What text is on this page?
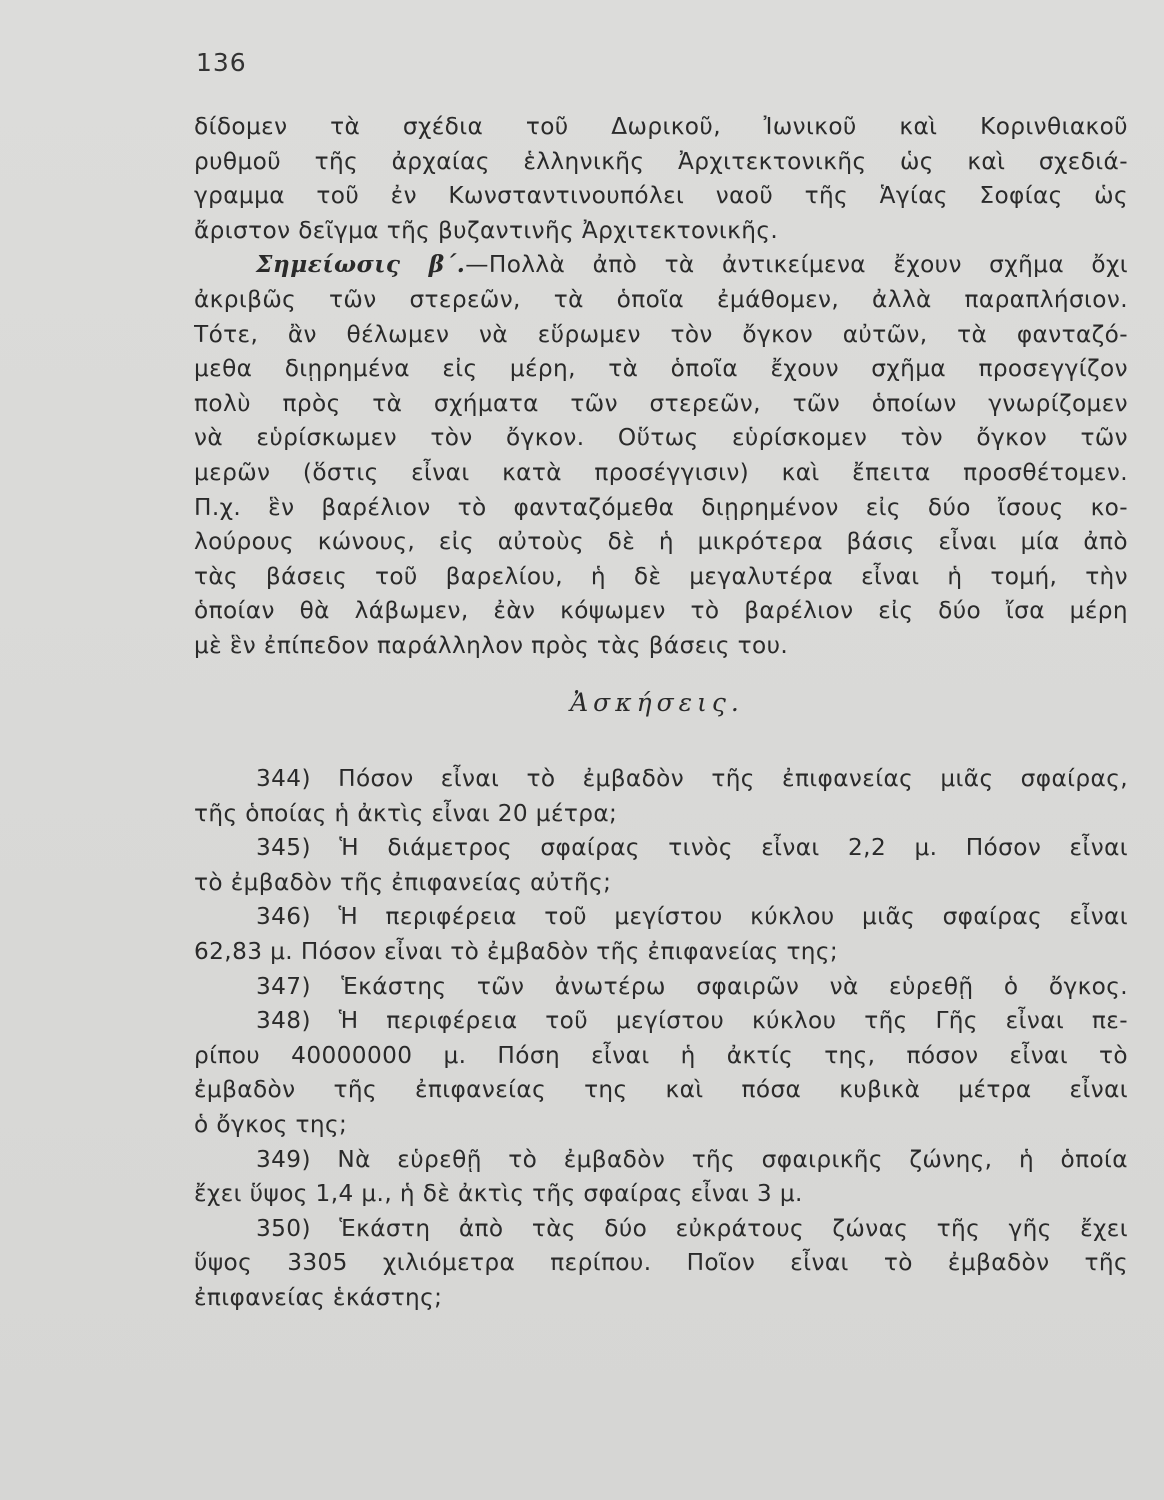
136
δίδομεν τὰ σχέδια τοῦ Δωρικοῦ, Ἰωνικοῦ καὶ Κορινθιακοῦ
ρυθμοῦ τῆς ἀρχαίας ἑλληνικῆς Ἀρχιτεκτονικῆς ὡς καὶ σχεδιά-
γραμμα τοῦ ἐν Κωνσταντινουπόλει ναοῦ τῆς Ἁγίας Σοφίας ὡς
ἄριστον δεῖγμα τῆς βυζαντινῆς Ἀρχιτεκτονικῆς.
Σημείωσις β΄.—Πολλὰ ἀπὸ τὰ ἀντικείμενα ἔχουν σχῆμα ὄχι
ἀκριβῶς τῶν στερεῶν, τὰ ὁποῖα ἐμάθομεν, ἀλλὰ παραπλήσιον.
Τότε, ἂν θέλωμεν νὰ εὕρωμεν τὸν ὄγκον αὐτῶν, τὰ φανταζό-
μεθα διῃρημένα εἰς μέρη, τὰ ὁποῖα ἔχουν σχῆμα προσεγγίζον
πολὺ πρὸς τὰ σχήματα τῶν στερεῶν, τῶν ὁποίων γνωρίζομεν
νὰ εὑρίσκωμεν τὸν ὄγκον. Οὕτως εὑρίσκομεν τὸν ὄγκον τῶν
μερῶν (ὅστις εἶναι κατὰ προσέγγισιν) καὶ ἔπειτα προσθέτομεν.
Π.χ. ἓν βαρέλιον τὸ φανταζόμεθα διῃρημένον εἰς δύο ἴσους κο-
λούρους κώνους, εἰς αὐτοὺς δὲ ἡ μικρότερα βάσις εἶναι μία ἀπὸ
τὰς βάσεις τοῦ βαρελίου, ἡ δὲ μεγαλυτέρα εἶναι ἡ τομή, τὴν
ὁποίαν θὰ λάβωμεν, ἐὰν κόψωμεν τὸ βαρέλιον εἰς δύο ἴσα μέρη
μὲ ἓν ἐπίπεδον παράλληλον πρὸς τὰς βάσεις του.
Ἀσκήσεις.
344) Πόσον εἶναι τὸ ἐμβαδὸν τῆς ἐπιφανείας μιᾶς σφαίρας,
τῆς ὁποίας ἡ ἀκτὶς εἶναι 20 μέτρα;
345) Ἡ διάμετρος σφαίρας τινὸς εἶναι 2,2 μ. Πόσον εἶναι
τὸ ἐμβαδὸν τῆς ἐπιφανείας αὐτῆς;
346) Ἡ περιφέρεια τοῦ μεγίστου κύκλου μιᾶς σφαίρας εἶναι
62,83 μ. Πόσον εἶναι τὸ ἐμβαδὸν τῆς ἐπιφανείας της;
347) Ἑκάστης τῶν ἀνωτέρω σφαιρῶν νὰ εὑρεθῇ ὁ ὄγκος.
348) Ἡ περιφέρεια τοῦ μεγίστου κύκλου τῆς Γῆς εἶναι πε-
ρίπου 40000000 μ. Πόση εἶναι ἡ ἀκτίς της, πόσον εἶναι τὸ
ἐμβαδὸν τῆς ἐπιφανείας της καὶ πόσα κυβικὰ μέτρα εἶναι
ὁ ὄγκος της;
349) Νὰ εὑρεθῇ τὸ ἐμβαδὸν τῆς σφαιρικῆς ζώνης, ἡ ὁποία
ἔχει ὕψος 1,4 μ., ἡ δὲ ἀκτὶς τῆς σφαίρας εἶναι 3 μ.
350) Ἑκάστη ἀπὸ τὰς δύο εὐκράτους ζώνας τῆς γῆς ἔχει
ὕψος 3305 χιλιόμετρα περίπου. Ποῖον εἶναι τὸ ἐμβαδὸν τῆς
ἐπιφανείας ἑκάστης;
